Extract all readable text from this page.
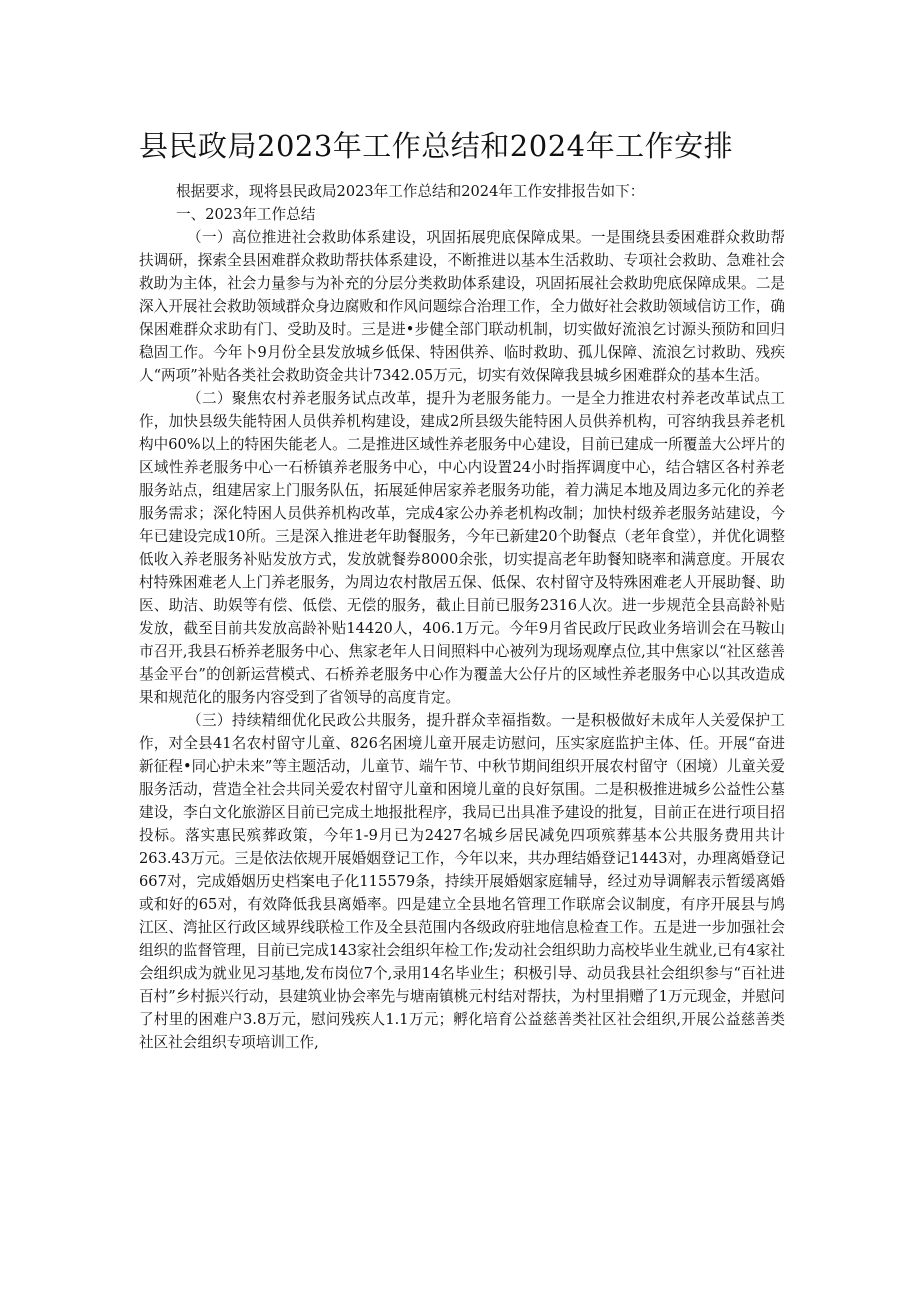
县民政局2023年工作总结和2024年工作安排

根据要求，现将县民政局2023年工作总结和2024年工作安排报告如下：

一、2023年工作总结

（一）高位推进社会救助体系建设，巩固拓展兜底保障成果。一是围绕县委困难群众救助帮扶调研，探索全县困难群众救助帮扶体系建设，不断推进以基本生活救助、专项社会救助、急难社会救助为主体，社会力量参与为补充的分层分类救助体系建设，巩固拓展社会救助兜底保障成果。二是深入开展社会救助领域群众身边腐败和作风问题综合治理工作，全力做好社会救助领域信访工作，确保困难群众求助有门、受助及时。三是进•步健全部门联动机制，切实做好流浪乞讨源头预防和回归稳固工作。今年卜9月份全县发放城乡低保、特困供养、临时救助、孤儿保障、流浪乞讨救助、残疾人“两项”补贴各类社会救助资金共计7342.05万元，切实有效保障我县城乡困难群众的基本生活。

（二）聚焦农村养老服务试点改革，提升为老服务能力。一是全力推进农村养老改革试点工作，加快县级失能特困人员供养机构建设，建成2所县级失能特困人员供养机构，可容纳我县养老机构中60%以上的特困失能老人。二是推进区域性养老服务中心建设，目前已建成一所覆盖大公坪片的区域性养老服务中心一石桥镇养老服务中心，中心内设置24小时指挥调度中心，结合辖区各村养老服务站点，组建居家上门服务队伍，拓展延伸居家养老服务功能，着力满足本地及周边多元化的养老服务需求；深化特困人员供养机构改革，完成4家公办养老机构改制；加快村级养老服务站建设，今年已建设完成10所。三是深入推进老年助餐服务，今年已新建20个助餐点（老年食堂），并优化调整低收入养老服务补贴发放方式，发放就餐券8000余张，切实提高老年助餐知晓率和满意度。开展农村特殊困难老人上门养老服务，为周边农村散居五保、低保、农村留守及特殊困难老人开展助餐、助医、助洁、助娱等有偿、低偿、无偿的服务，截止目前已服务2316人次。进一步规范全县高龄补贴发放，截至目前共发放高龄补贴14420人，406.1万元。今年9月省民政厅民政业务培训会在马鞍山市召开,我县石桥养老服务中心、焦家老年人日间照料中心被列为现场观摩点位,其中焦家以“社区慈善基金平台”的创新运营模式、石桥养老服务中心作为覆盖大公仔片的区域性养老服务中心以其改造成果和规范化的服务内容受到了省领导的高度肯定。

（三）持续精细优化民政公共服务，提升群众幸福指数。一是积极做好未成年人关爱保护工作，对全县41名农村留守儿童、826名困境儿童开展走访慰问，压实家庭监护主体、任。开展“奋进新征程•同心护未来”等主题活动，儿童节、端午节、中秋节期间组织开展农村留守（困境）儿童关爱服务活动，营造全社会共同关爱农村留守儿童和困境儿童的良好氛围。二是积极推进城乡公益性公墓建设，李白文化旅游区目前已完成土地报批程序，我局已出具准予建设的批复，目前正在进行项目招投标。落实惠民殡葬政策，今年1-9月已为2427名城乡居民减免四项殡葬基本公共服务费用共计263.43万元。三是依法依规开展婚姻登记工作，今年以来，共办理结婚登记1443对，办理离婚登记667对，完成婚姻历史档案电子化115579条，持续开展婚姻家庭辅导，经过劝导调解表示暂缓离婚或和好的65对，有效降低我县离婚率。四是建立全县地名管理工作联席会议制度，有序开展县与鸠江区、湾扯区行政区域界线联检工作及全县范围内各级政府驻地信息检查工作。五是进一步加强社会组织的监督管理，目前已完成143家社会组织年检工作;发动社会组织助力高校毕业生就业,已有4家社会组织成为就业见习基地,发布岗位7个,录用14名毕业生；积极引导、动员我县社会组织参与“百社进百村”乡村振兴行动，县建筑业协会率先与塘南镇桃元村结对帮扶，为村里捐赠了1万元现金，并慰问了村里的困难户3.8万元，慰问残疾人1.1万元；孵化培育公益慈善类社区社会组织,开展公益慈善类社区社会组织专项培训工作,
